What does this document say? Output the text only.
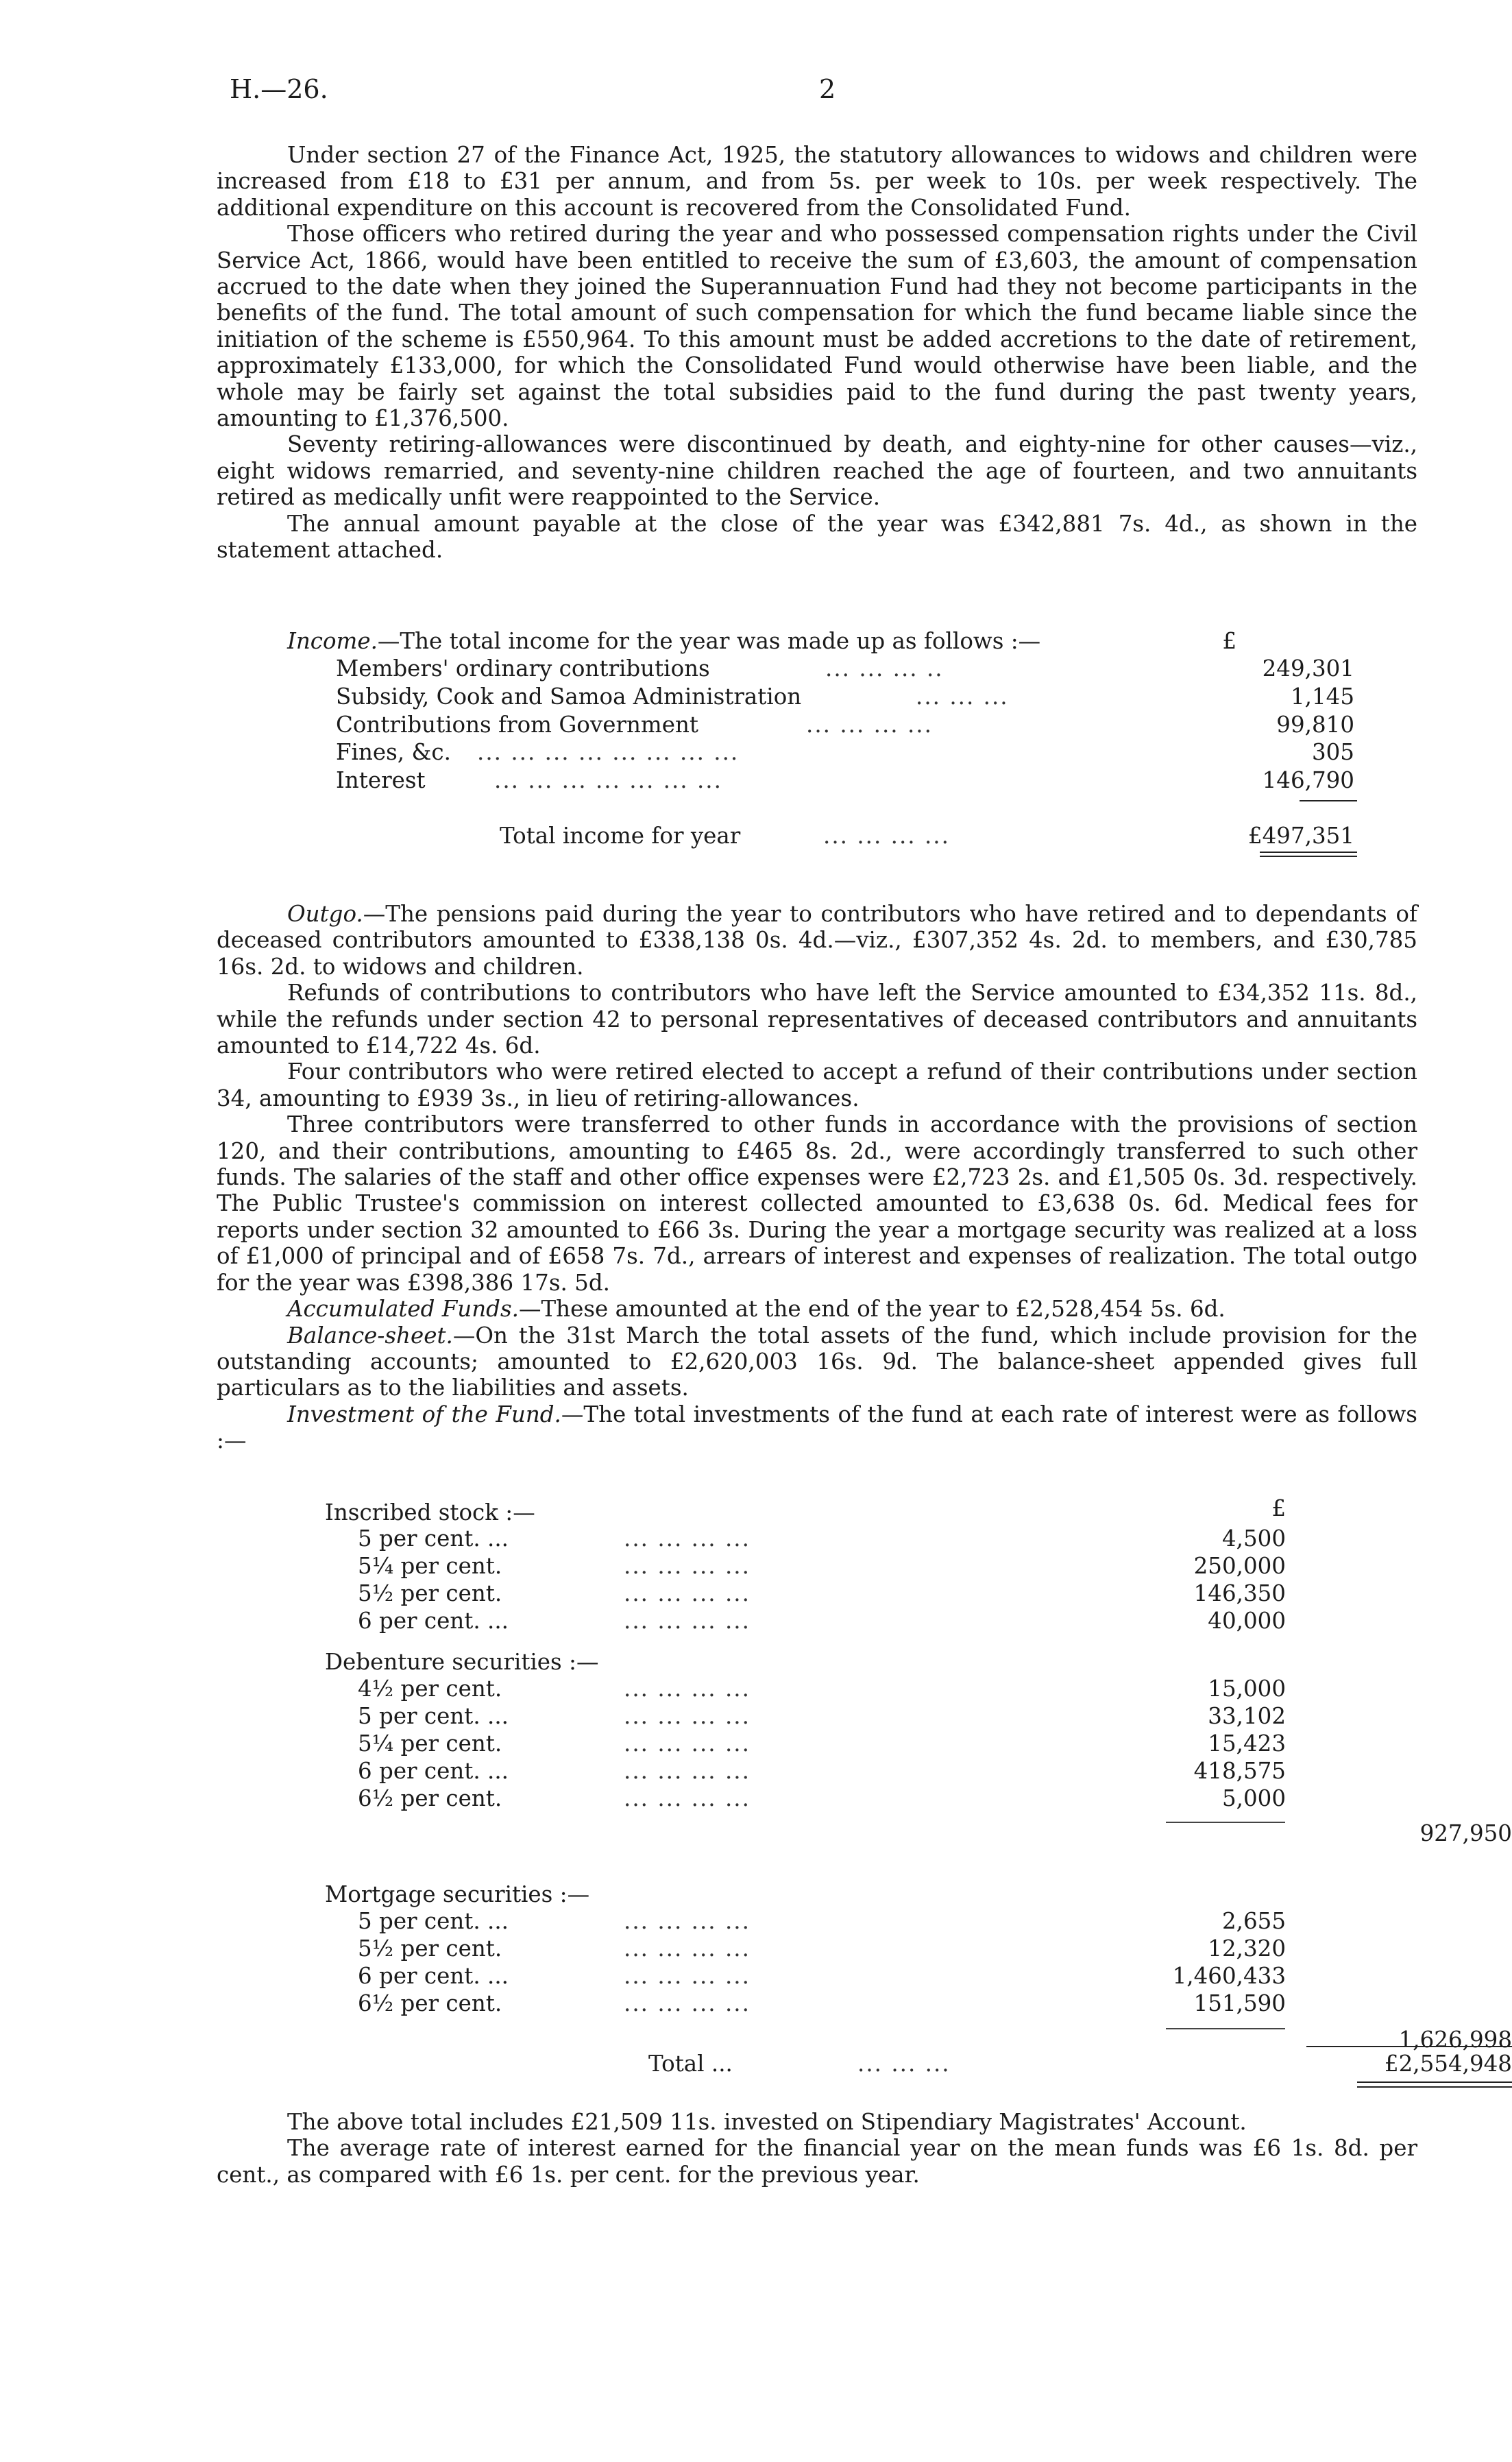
H.—26.	2

Under section 27 of the Finance Act, 1925, the statutory allowances to widows and children were increased from £18 to £31 per annum, and from 5s. per week to 10s. per week respectively. The additional expenditure on this account is recovered from the Consolidated Fund.

Those officers who retired during the year and who possessed compensation rights under the Civil Service Act, 1866, would have been entitled to receive the sum of £3,603, the amount of compensation accrued to the date when they joined the Superannuation Fund had they not become participants in the benefits of the fund. The total amount of such compensation for which the fund became liable since the initiation of the scheme is £550,964. To this amount must be added accretions to the date of retirement, approximately £133,000, for which the Consolidated Fund would otherwise have been liable, and the whole may be fairly set against the total subsidies paid to the fund during the past twenty years, amounting to £1,376,500.

Seventy retiring-allowances were discontinued by death, and eighty-nine for other causes—viz., eight widows remarried, and seventy-nine children reached the age of fourteen, and two annuitants retired as medically unfit were reappointed to the Service.

The annual amount payable at the close of the year was £342,881 7s. 4d., as shown in the statement attached.

Income.—The total income for the year was made up as follows :—	£
Members' ordinary contributions	... ... ... ..	249,301
Subsidy, Cook and Samoa Administration	... ... ...	1,145
Contributions from Government	... ... ... ...	99,810
Fines, &c. ... ... ... ... ... ... ... ...	305
Interest	... ... ... ... ... ... ...	146,790
Total income for year	... ... ... ...	£497,351

Outgo.—The pensions paid during the year to contributors who have retired and to dependants of deceased contributors amounted to £338,138 0s. 4d.—viz., £307,352 4s. 2d. to members, and £30,785 16s. 2d. to widows and children.

Refunds of contributions to contributors who have left the Service amounted to £34,352 11s. 8d., while the refunds under section 42 to personal representatives of deceased contributors and annuitants amounted to £14,722 4s. 6d.

Four contributors who were retired elected to accept a refund of their contributions under section 34, amounting to £939 3s., in lieu of retiring-allowances.

Three contributors were transferred to other funds in accordance with the provisions of section 120, and their contributions, amounting to £465 8s. 2d., were accordingly transferred to such other funds. The salaries of the staff and other office expenses were £2,723 2s. and £1,505 0s. 3d. respectively. The Public Trustee's commission on interest collected amounted to £3,638 0s. 6d. Medical fees for reports under section 32 amounted to £66 3s. During the year a mortgage security was realized at a loss of £1,000 of principal and of £658 7s. 7d., arrears of interest and expenses of realization. The total outgo for the year was £398,386 17s. 5d.

Accumulated Funds.—These amounted at the end of the year to £2,528,454 5s. 6d.

Balance-sheet.—On the 31st March the total assets of the fund, which include provision for the outstanding accounts; amounted to £2,620,003 16s. 9d. The balance-sheet appended gives full particulars as to the liabilities and assets.

Investment of the Fund.—The total investments of the fund at each rate of interest were as follows :—

£
Inscribed stock :—
5 per cent. ...	... ... ... ...	4,500
5¼ per cent.	... ... ... ...	250,000
5½ per cent.	... ... ... ...	146,350
6 per cent. ...	... ... ... ...	40,000
Debenture securities :—
4½ per cent.	... ... ... ...	15,000
5 per cent. ...	... ... ... ...	33,102
5¼ per cent.	... ... ... ...	15,423
6 per cent. ...	... ... ... ...	418,575
6½ per cent.	... ... ... ...	5,000
927,950
Mortgage securities :—
5 per cent. ...	... ... ... ...	2,655
5½ per cent.	... ... ... ...	12,320
6 per cent. ...	... ... ... ...	1,460,433
6½ per cent.	... ... ... ...	151,590
1,626,998
Total ...	... ... ...	£2,554,948

The above total includes £21,509 11s. invested on Stipendiary Magistrates' Account.

The average rate of interest earned for the financial year on the mean funds was £6 1s. 8d. per cent., as compared with £6 1s. per cent. for the previous year.
